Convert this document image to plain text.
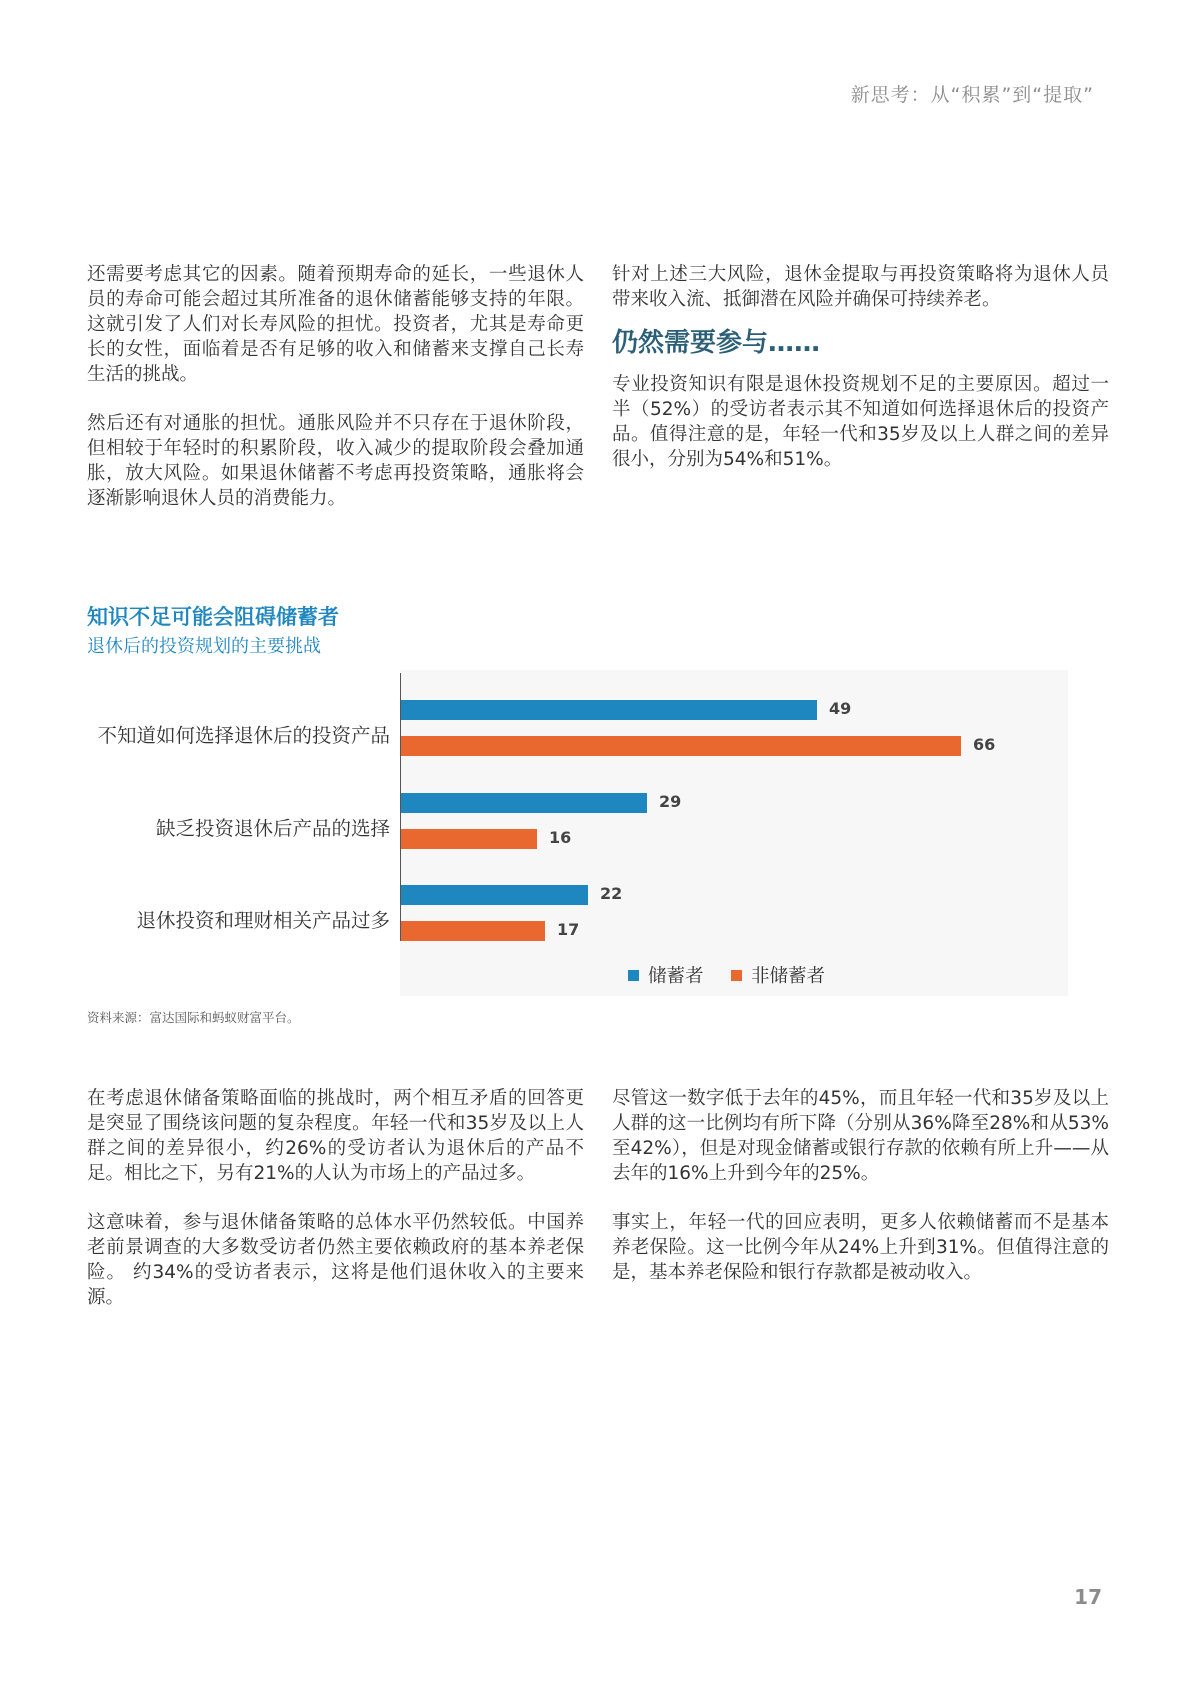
新思考：从“积累”到“提取”

还需要考虑其它的因素。随着预期寿命的延长，一些退休人员的寿命可能会超过其所准备的退休储蓄能够支持的年限。这就引发了人们对长寿风险的担忧。投资者，尤其是寿命更长的女性，面临着是否有足够的收入和储蓄来支撑自己长寿生活的挑战。

然后还有对通胀的担忧。通胀风险并不只存在于退休阶段，但相较于年轻时的积累阶段，收入减少的提取阶段会叠加通胀，放大风险。如果退休储蓄不考虑再投资策略，通胀将会逐渐影响退休人员的消费能力。

针对上述三大风险，退休金提取与再投资策略将为退休人员带来收入流、抵御潜在风险并确保可持续养老。

仍然需要参与……

专业投资知识有限是退休投资规划不足的主要原因。超过一半（52%）的受访者表示其不知道如何选择退休后的投资产品。值得注意的是，年轻一代和35岁及以上人群之间的差异很小，分别为54%和51%。

知识不足可能会阻碍储蓄者
退休后的投资规划的主要挑战
不知道如何选择退休后的投资产品
49
66
缺乏投资退休后产品的选择
29
16
退休投资和理财相关产品过多
22
17
储蓄者	非储蓄者
资料来源：富达国际和蚂蚁财富平台。

在考虑退休储备策略面临的挑战时，两个相互矛盾的回答更是突显了围绕该问题的复杂程度。年轻一代和35岁及以上人群之间的差异很小，约26%的受访者认为退休后的产品不足。相比之下，另有21%的人认为市场上的产品过多。

这意味着，参与退休储备策略的总体水平仍然较低。中国养老前景调查的大多数受访者仍然主要依赖政府的基本养老保险。 约34%的受访者表示，这将是他们退休收入的主要来源。

尽管这一数字低于去年的45%，而且年轻一代和35岁及以上人群的这一比例均有所下降（分别从36%降至28%和从53%至42%），但是对现金储蓄或银行存款的依赖有所上升——从去年的16%上升到今年的25%。

事实上，年轻一代的回应表明，更多人依赖储蓄而不是基本养老保险。这一比例今年从24%上升到31%。但值得注意的是，基本养老保险和银行存款都是被动收入。

17
